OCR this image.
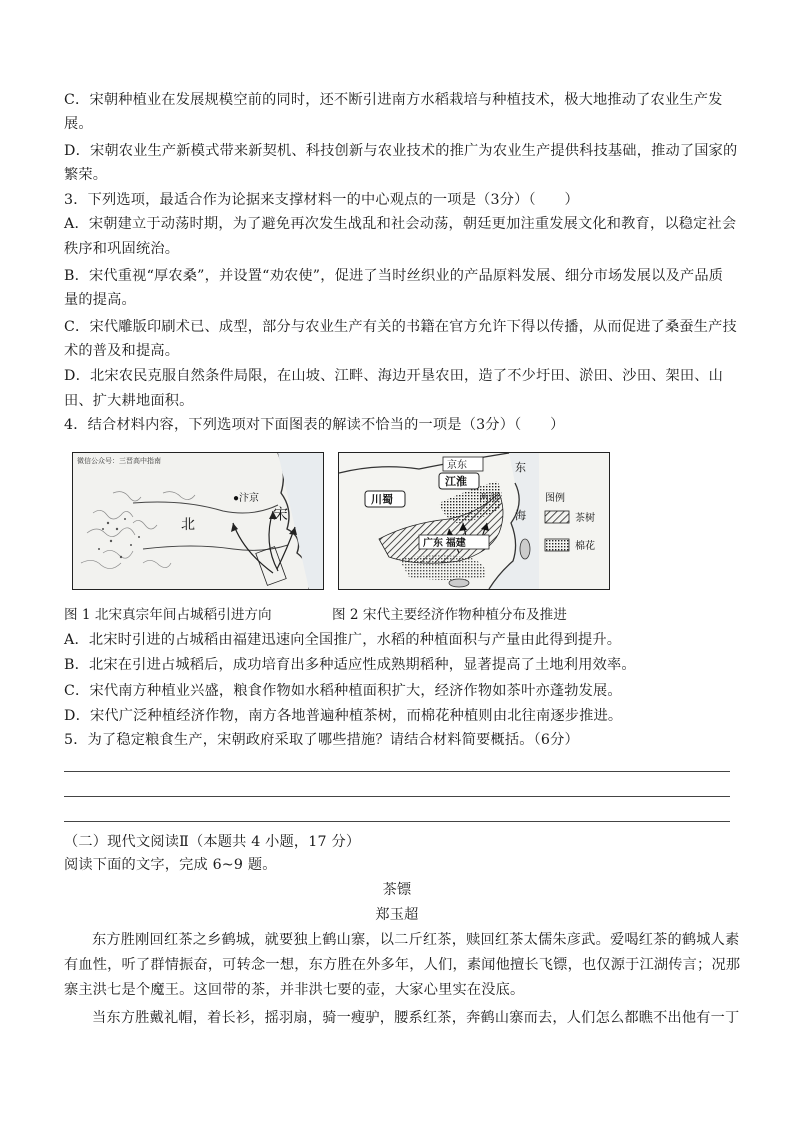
C．宋朝种植业在发展规模空前的同时，还不断引进南方水稻栽培与种植技术，极大地推动了农业生产发
展。
D．宋朝农业生产新模式带来新契机、科技创新与农业技术的推广为农业生产提供科技基础，推动了国家的
繁荣。
3．下列选项，最适合作为论据来支撑材料一的中心观点的一项是（3分）（　　）
A．宋朝建立于动荡时期，为了避免再次发生战乱和社会动荡，朝廷更加注重发展文化和教育，以稳定社会
秩序和巩固统治。
B．宋代重视“厚农桑”，并设置“劝农使”，促进了当时丝织业的产品原料发展、细分市场发展以及产品质
量的提高。
C．宋代雕版印刷术已、成型，部分与农业生产有关的书籍在官方允许下得以传播，从而促进了桑蚕生产技
术的普及和提高。
D．北宋农民克服自然条件局限，在山坡、江畔、海边开垦农田，造了不少圩田、淤田、沙田、架田、山
田、扩大耕地面积。
4．结合材料内容，下列选项对下面图表的解读不恰当的一项是（3分）（　　）
微信公众号：三晋高中指南
●汴京
宋
北
京东	东
江淮
川蜀	两浙
海
广东 福建
图例
茶树
棉花
图 1 北宋真宗年间占城稻引进方向	图 2 宋代主要经济作物种植分布及推进
A．北宋时引进的占城稻由福建迅速向全国推广，水稻的种植面积与产量由此得到提升。
B．北宋在引进占城稻后，成功培育出多种适应性成熟期稻种，显著提高了土地利用效率。
C．宋代南方种植业兴盛，粮食作物如水稻种植面积扩大，经济作物如茶叶亦蓬勃发展。
D．宋代广泛种植经济作物，南方各地普遍种植茶树，而棉花种植则由北往南逐步推进。
5．为了稳定粮食生产，宋朝政府采取了哪些措施？请结合材料简要概括。（6分）
（二）现代文阅读Ⅱ（本题共 4 小题，17 分）
阅读下面的文字，完成 6~9 题。
茶镖
郑玉超
东方胜刚回红茶之乡鹤城，就要独上鹤山寨，以二斤红茶，赎回红茶太儒朱彦武。爱喝红茶的鹤城人素
有血性，听了群情振奋，可转念一想，东方胜在外多年，人们，素闻他擅长飞镖，也仅源于江湖传言；况那
寨主洪七是个魔王。这回带的茶，并非洪七要的壶，大家心里实在没底。
当东方胜戴礼帽，着长衫，摇羽扇，骑一瘦驴，腰系红茶，奔鹤山寨而去，人们怎么都瞧不出他有一丁
